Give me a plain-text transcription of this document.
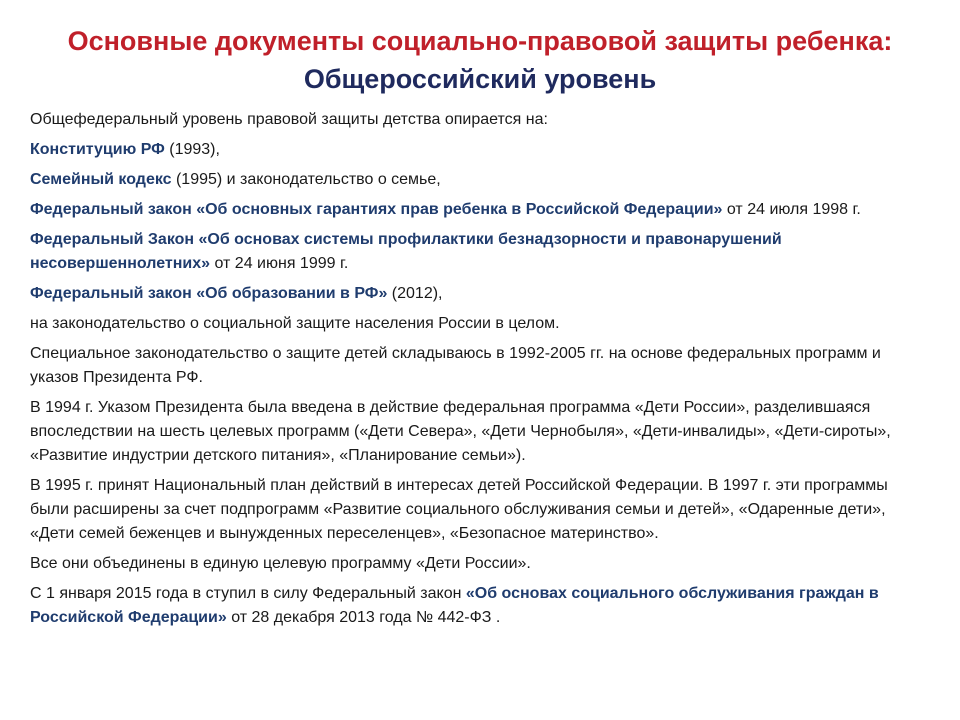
Основные документы социально-правовой защиты ребенка: Общероссийский уровень

Общефедеральный уровень правовой защиты детства опирается на:

Конституцию РФ (1993),

Семейный кодекс (1995) и законодательство о семье,

Федеральный закон «Об основных гарантиях прав ребенка в Российской Федерации» от 24 июля 1998 г.

Федеральный Закон «Об основах системы профилактики безнадзорности и правонарушений несовершеннолетних» от 24 июня 1999 г.

Федеральный закон «Об образовании в РФ» (2012),

на законодательство о социальной защите населения России в целом.

Специальное законодательство о защите детей складываюсь в 1992-2005 гг. на основе федеральных программ и указов Президента РФ.

В 1994 г. Указом Президента была введена в действие федеральная программа «Дети России», разделившаяся впоследствии на шесть целевых программ («Дети Севера», «Дети Чернобыля», «Дети-инвалиды», «Дети-сироты», «Развитие индустрии детского питания», «Планирование семьи»).

В 1995 г. принят Национальный план действий в интересах детей Российской Федерации. В 1997 г. эти программы были расширены за счет подпрограмм «Развитие социального обслуживания семьи и детей», «Одаренные дети», «Дети семей беженцев и вынужденных переселенцев», «Безопасное материнство».

Все они объединены в единую целевую программу «Дети России».

С 1 января 2015 года в ступил в силу Федеральный закон «Об основах социального обслуживания граждан в Российской Федерации» от 28 декабря 2013 года № 442-ФЗ .
